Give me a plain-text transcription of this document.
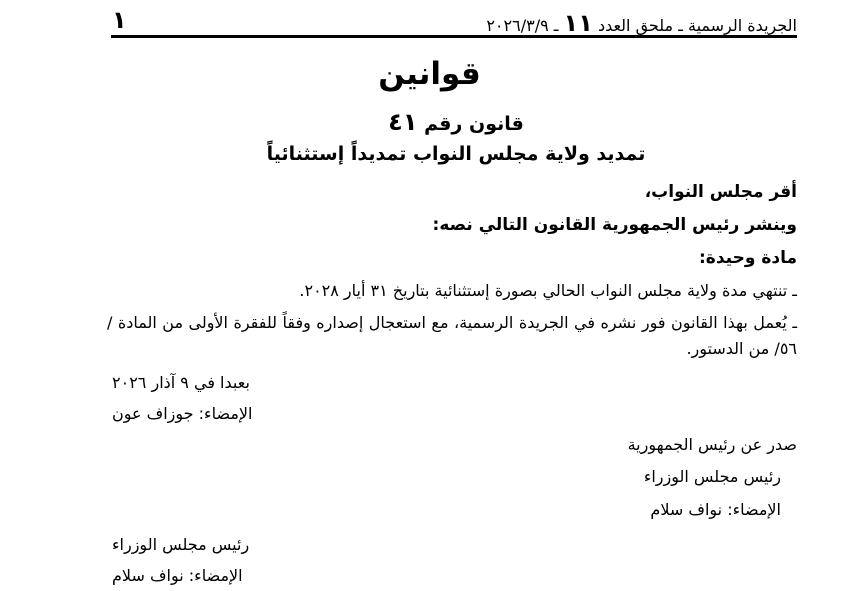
الجريدة الرسمية ـ ملحق العدد ١١ ـ ٢٠٢٦/٣/٩
١
قوانين
قانون رقم ٤١
تمديد ولاية مجلس النواب تمديداً إستثنائياً
أقر مجلس النواب،
وينشر رئيس الجمهورية القانون التالي نصه:
مادة وحيدة:
ـ تنتهي مدة ولاية مجلس النواب الحالي بصورة إستثنائية بتاريخ ٣١ أيار ٢٠٢٨.
ـ يُعمل بهذا القانون فور نشره في الجريدة الرسمية، مع استعجال إصداره وفقاً للفقرة الأولى من المادة /٥٦/ من الدستور.
بعبدا في ٩ آذار ٢٠٢٦
الإمضاء: جوزاف عون
صدر عن رئيس الجمهورية
رئيس مجلس الوزراء
الإمضاء: نواف سلام
رئيس مجلس الوزراء
الإمضاء: نواف سلام
